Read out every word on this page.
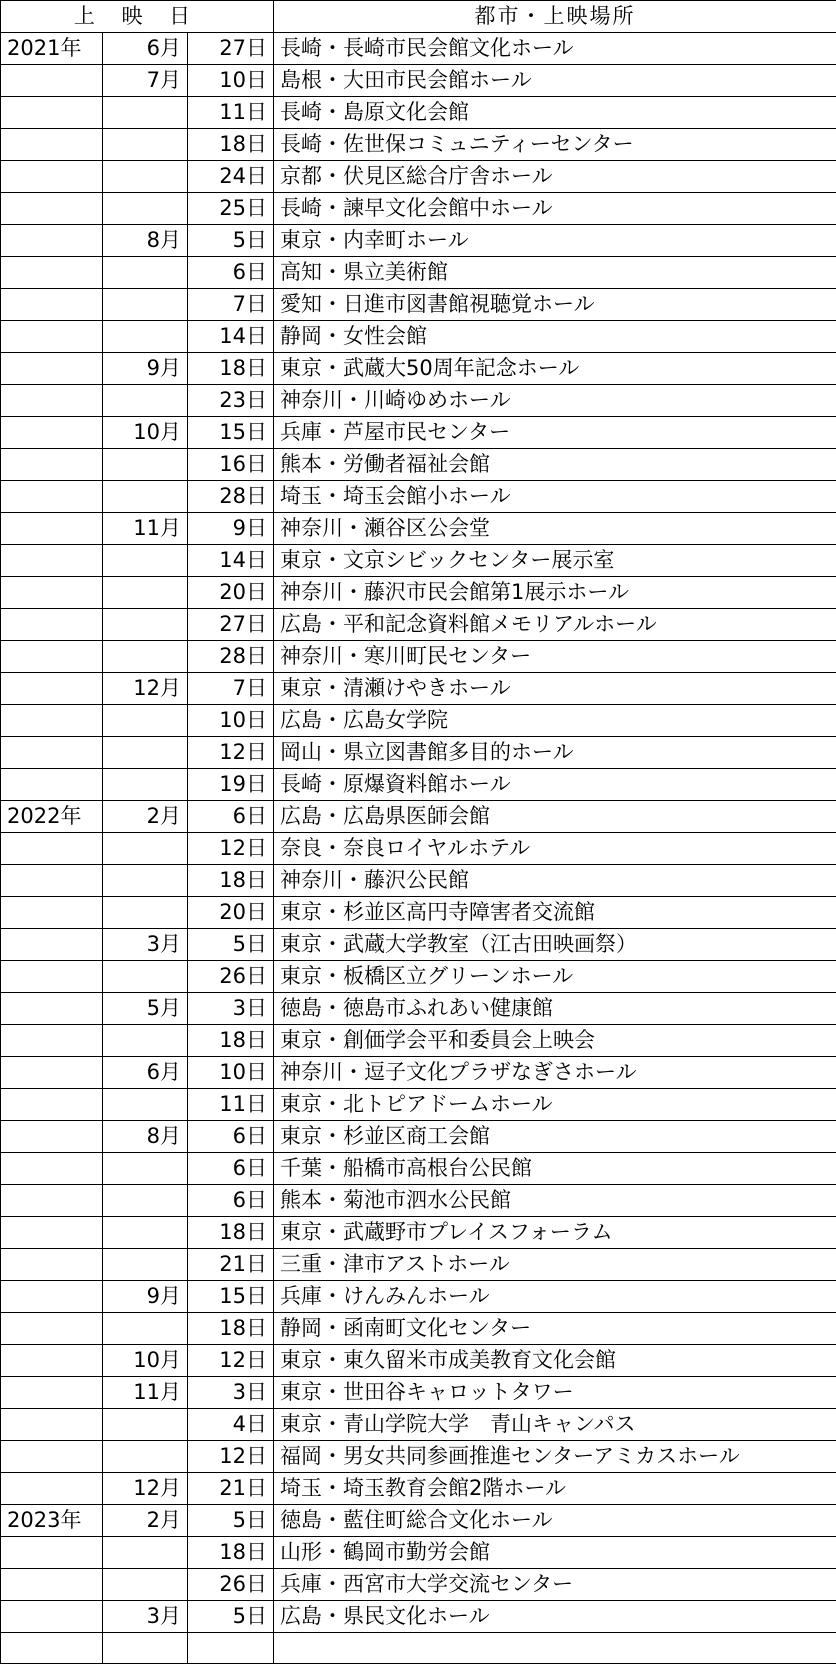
上 映 日			都市・上映場所
2021年	6月	27日	長崎・長崎市民会館文化ホール
	7月	10日	島根・大田市民会館ホール
		11日	長崎・島原文化会館
		18日	長崎・佐世保コミュニティーセンター
		24日	京都・伏見区総合庁舎ホール
		25日	長崎・諫早文化会館中ホール
	8月	5日	東京・内幸町ホール
		6日	高知・県立美術館
		7日	愛知・日進市図書館視聴覚ホール
		14日	静岡・女性会館
	9月	18日	東京・武蔵大50周年記念ホール
		23日	神奈川・川崎ゆめホール
	10月	15日	兵庫・芦屋市民センター
		16日	熊本・労働者福祉会館
		28日	埼玉・埼玉会館小ホール
	11月	9日	神奈川・瀬谷区公会堂
		14日	東京・文京シビックセンター展示室
		20日	神奈川・藤沢市民会館第1展示ホール
		27日	広島・平和記念資料館メモリアルホール
		28日	神奈川・寒川町民センター
	12月	7日	東京・清瀬けやきホール
		10日	広島・広島女学院
		12日	岡山・県立図書館多目的ホール
		19日	長崎・原爆資料館ホール
2022年	2月	6日	広島・広島県医師会館
		12日	奈良・奈良ロイヤルホテル
		18日	神奈川・藤沢公民館
		20日	東京・杉並区高円寺障害者交流館
	3月	5日	東京・武蔵大学教室（江古田映画祭）
		26日	東京・板橋区立グリーンホール
	5月	3日	徳島・徳島市ふれあい健康館
		18日	東京・創価学会平和委員会上映会
	6月	10日	神奈川・逗子文化プラザなぎさホール
		11日	東京・北トピアドームホール
	8月	6日	東京・杉並区商工会館
		6日	千葉・船橋市高根台公民館
		6日	熊本・菊池市泗水公民館
		18日	東京・武蔵野市プレイスフォーラム
		21日	三重・津市アストホール
	9月	15日	兵庫・けんみんホール
		18日	静岡・函南町文化センター
	10月	12日	東京・東久留米市成美教育文化会館
	11月	3日	東京・世田谷キャロットタワー
		4日	東京・青山学院大学　青山キャンパス
		12日	福岡・男女共同参画推進センターアミカスホール
	12月	21日	埼玉・埼玉教育会館2階ホール
2023年	2月	5日	徳島・藍住町総合文化ホール
		18日	山形・鶴岡市勤労会館
		26日	兵庫・西宮市大学交流センター
	3月	5日	広島・県民文化ホール
